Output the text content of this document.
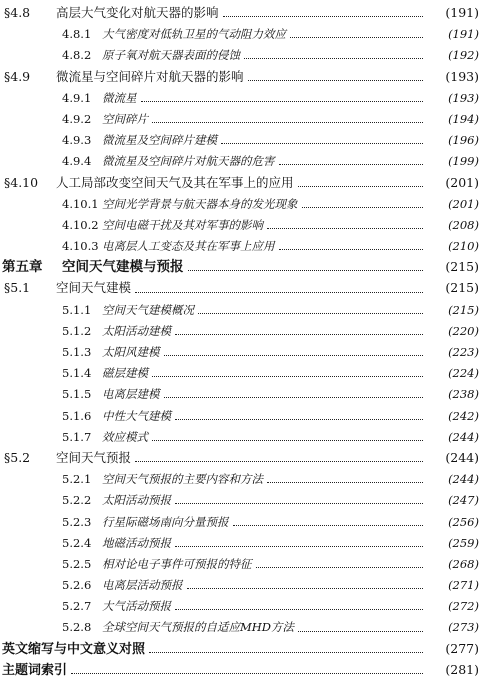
§4.8	高层大气变化对航天器的影响	(191)
4.8.1 大气密度对低轨卫星的气动阻力效应	(191)
4.8.2 原子氧对航天器表面的侵蚀	(192)
§4.9	微流星与空间碎片对航天器的影响	(193)
4.9.1 微流星	(193)
4.9.2 空间碎片	(194)
4.9.3 微流星及空间碎片建模	(196)
4.9.4 微流星及空间碎片对航天器的危害	(199)
§4.10	人工局部改变空间天气及其在军事上的应用	(201)
4.10.1 空间光学背景与航天器本身的发光现象	(201)
4.10.2 空间电磁干扰及其对军事的影响	(208)
4.10.3 电离层人工变态及其在军事上应用	(210)
第五章	空间天气建模与预报	(215)
§5.1	空间天气建模	(215)
5.1.1 空间天气建模概况	(215)
5.1.2 太阳活动建模	(220)
5.1.3 太阳风建模	(223)
5.1.4 磁层建模	(224)
5.1.5 电离层建模	(238)
5.1.6 中性大气建模	(242)
5.1.7 效应模式	(244)
§5.2	空间天气预报	(244)
5.2.1 空间天气预报的主要内容和方法	(244)
5.2.2 太阳活动预报	(247)
5.2.3 行星际磁场南向分量预报	(256)
5.2.4 地磁活动预报	(259)
5.2.5 相对论电子事件可预报的特征	(268)
5.2.6 电离层活动预报	(271)
5.2.7 大气活动预报	(272)
5.2.8 全球空间天气预报的自适应MHD方法	(273)
英文缩写与中文意义对照	(277)
主题词索引	(281)
